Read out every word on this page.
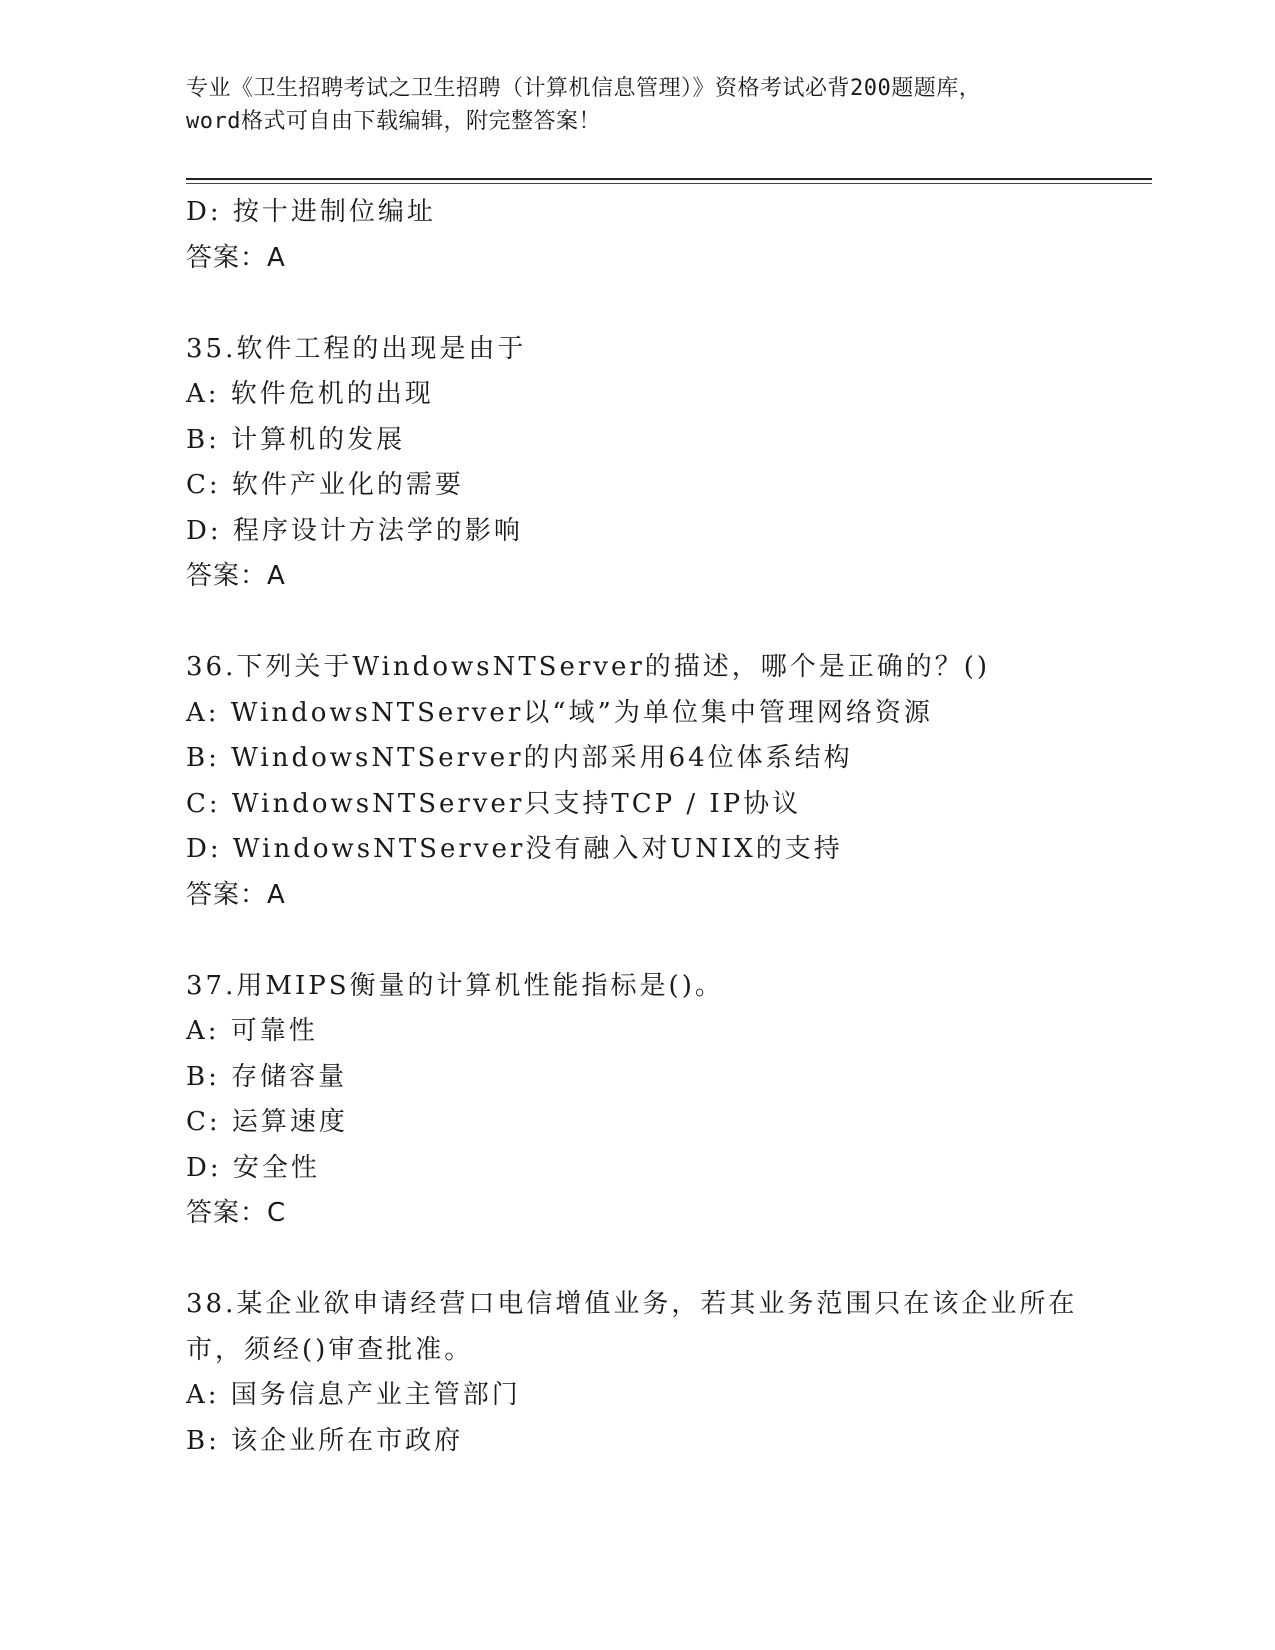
专业《卫生招聘考试之卫生招聘（计算机信息管理）》资格考试必背200题题库，
word格式可自由下载编辑，附完整答案！
D: 按十进制位编址
答案：A
35.软件工程的出现是由于
A: 软件危机的出现
B: 计算机的发展
C: 软件产业化的需要
D: 程序设计方法学的影响
答案：A
36.下列关于WindowsNTServer的描述，哪个是正确的？()
A: WindowsNTServer以“域”为单位集中管理网络资源
B: WindowsNTServer的内部采用64位体系结构
C: WindowsNTServer只支持TCP / IP协议
D: WindowsNTServer没有融入对UNIX的支持
答案：A
37.用MIPS衡量的计算机性能指标是()。
A: 可靠性
B: 存储容量
C: 运算速度
D: 安全性
答案：C
38.某企业欲申请经营口电信增值业务，若其业务范围只在该企业所在
市，须经()审查批准。
A: 国务信息产业主管部门
B: 该企业所在市政府
